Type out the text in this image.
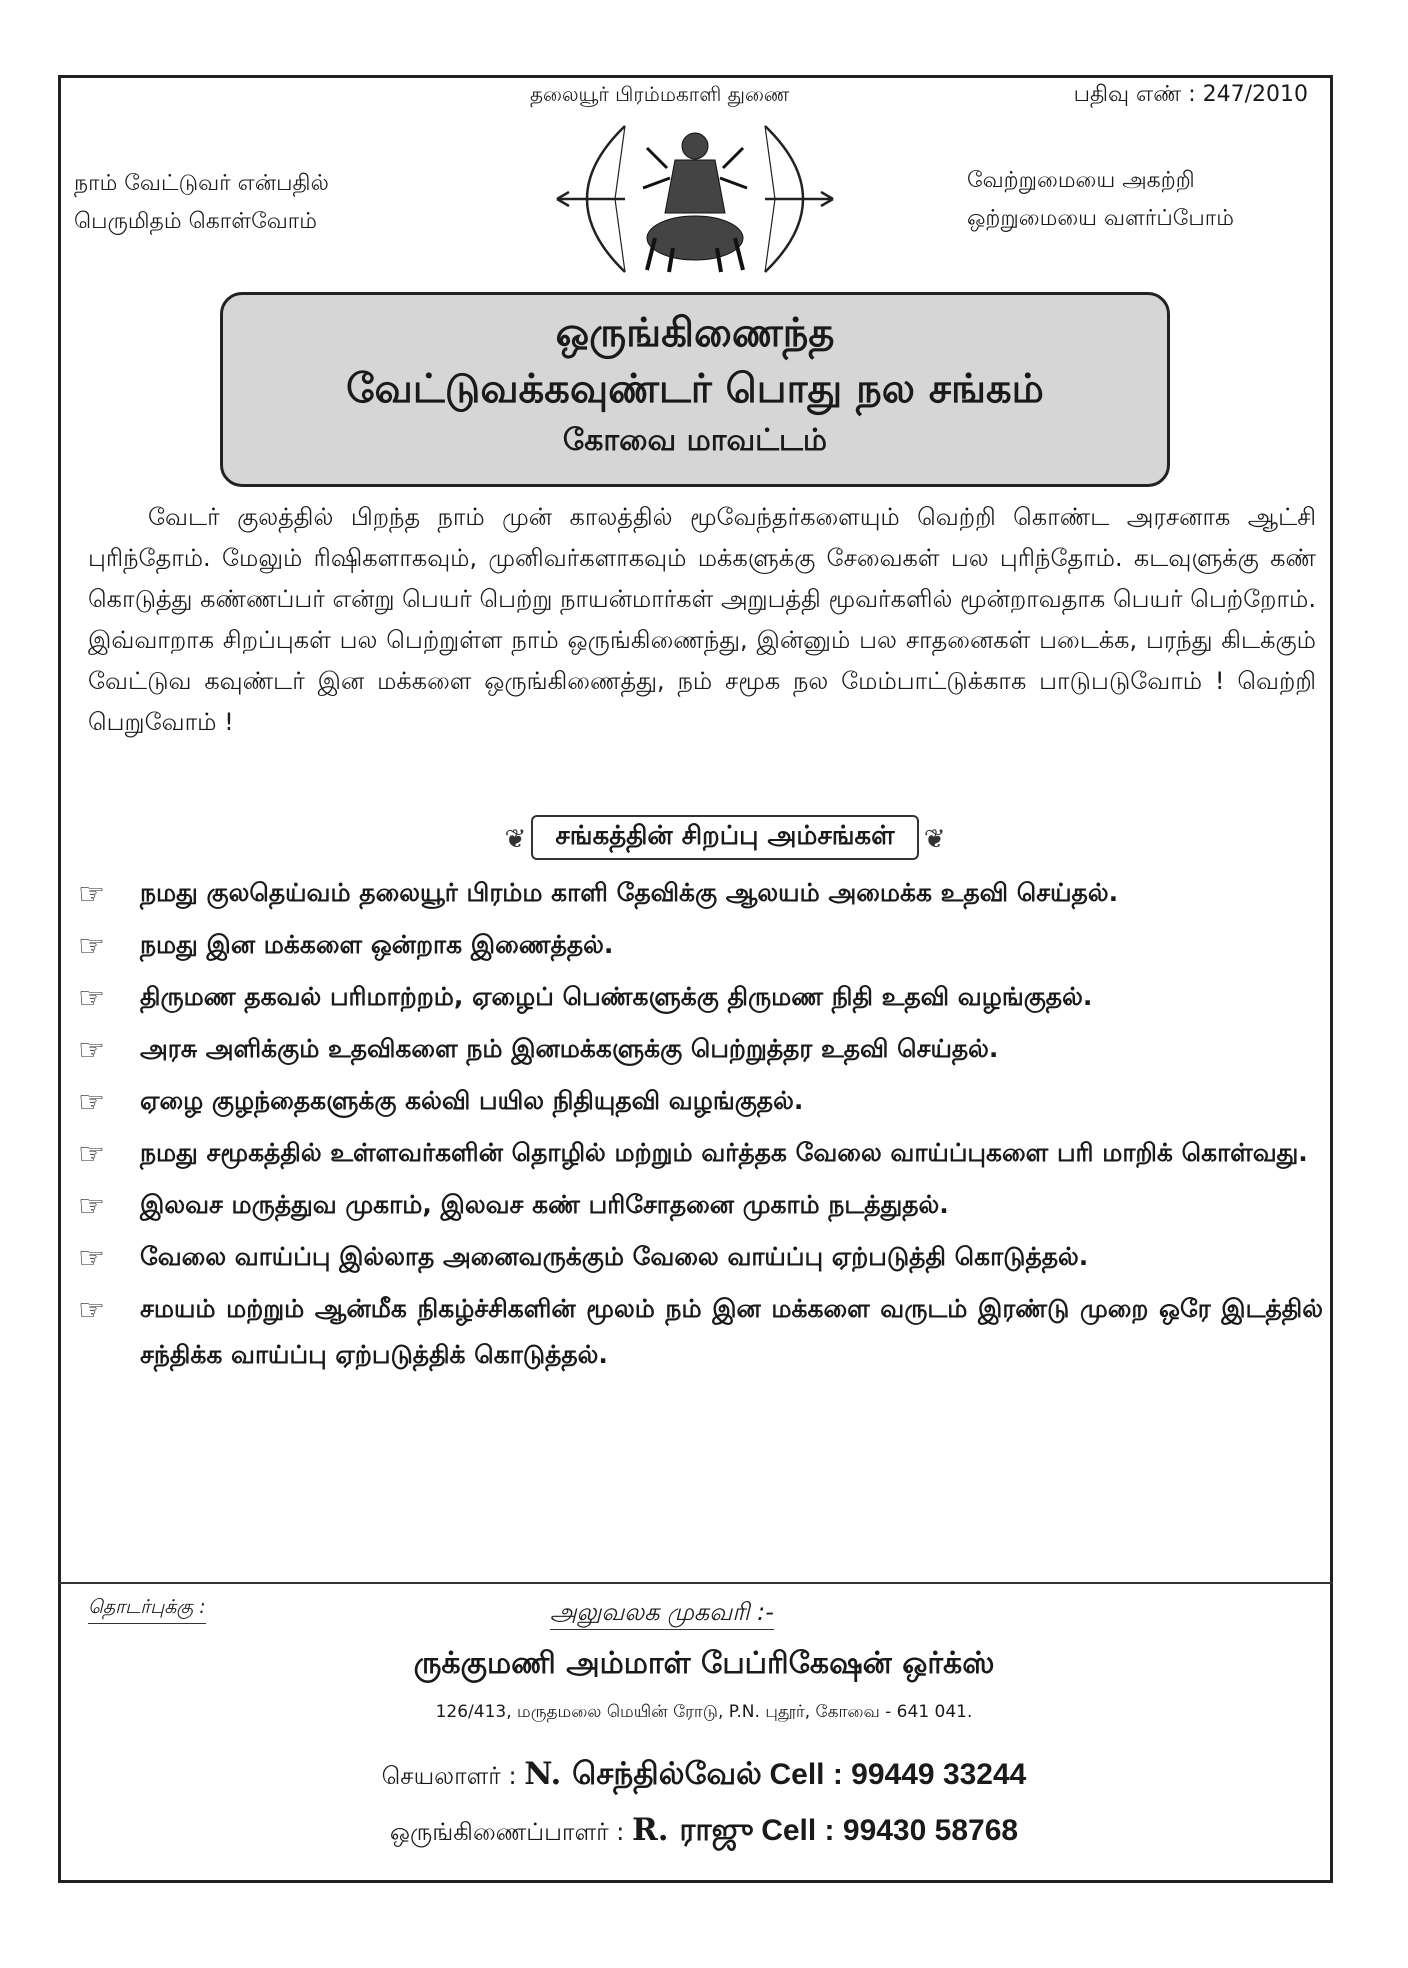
தலையூர் பிரம்மகாளி துணை	பதிவு எண் : 247/2010
நாம் வேட்டுவர் என்பதில்
பெருமிதம் கொள்வோம்
வேற்றுமையை அகற்றி
ஒற்றுமையை வளர்ப்போம்
ஒருங்கிணைந்த
வேட்டுவக்கவுண்டர் பொது நல சங்கம்
கோவை மாவட்டம்
வேடர் குலத்தில் பிறந்த நாம் முன் காலத்தில் மூவேந்தர்களையும் வெற்றி கொண்ட அரசனாக ஆட்சி புரிந்தோம். மேலும் ரிஷிகளாகவும், முனிவர்களாகவும் மக்களுக்கு சேவைகள் பல புரிந்தோம். கடவுளுக்கு கண் கொடுத்து கண்ணப்பர் என்று பெயர் பெற்று நாயன்மார்கள் அறுபத்தி மூவர்களில் மூன்றாவதாக பெயர் பெற்றோம். இவ்வாறாக சிறப்புகள் பல பெற்றுள்ள நாம் ஒருங்கிணைந்து, இன்னும் பல சாதனைகள் படைக்க, பரந்து கிடக்கும் வேட்டுவ கவுண்டர் இன மக்களை ஒருங்கிணைத்து, நம் சமூக நல மேம்பாட்டுக்காக பாடுபடுவோம் ! வெற்றி பெறுவோம் !
❦ சங்கத்தின் சிறப்பு அம்சங்கள் ❦
☞ நமது குலதெய்வம் தலையூர் பிரம்ம காளி தேவிக்கு ஆலயம் அமைக்க உதவி செய்தல்.
☞ நமது இன மக்களை ஒன்றாக இணைத்தல்.
☞ திருமண தகவல் பரிமாற்றம், ஏழைப் பெண்களுக்கு திருமண நிதி உதவி வழங்குதல்.
☞ அரசு அளிக்கும் உதவிகளை நம் இனமக்களுக்கு பெற்றுத்தர உதவி செய்தல்.
☞ ஏழை குழந்தைகளுக்கு கல்வி பயில நிதியுதவி வழங்குதல்.
☞ நமது சமூகத்தில் உள்ளவர்களின் தொழில் மற்றும் வர்த்தக வேலை வாய்ப்புகளை பரி மாறிக் கொள்வது.
☞ இலவச மருத்துவ முகாம், இலவச கண் பரிசோதனை முகாம் நடத்துதல்.
☞ வேலை வாய்ப்பு இல்லாத அனைவருக்கும் வேலை வாய்ப்பு ஏற்படுத்தி கொடுத்தல்.
☞ சமயம் மற்றும் ஆன்மீக நிகழ்ச்சிகளின் மூலம் நம் இன மக்களை வருடம் இரண்டு முறை ஒரே இடத்தில் சந்திக்க வாய்ப்பு ஏற்படுத்திக் கொடுத்தல்.
தொடர்புக்கு :	அலுவலக முகவரி :-
ருக்குமணி அம்மாள் பேப்ரிகேஷன் ஒர்க்ஸ்
126/413, மருதமலை மெயின் ரோடு, P.N. புதூர், கோவை - 641 041.
செயலாளர் : N. செந்தில்வேல் Cell : 99449 33244
ஒருங்கிணைப்பாளர் : R. ராஜு Cell : 99430 58768
